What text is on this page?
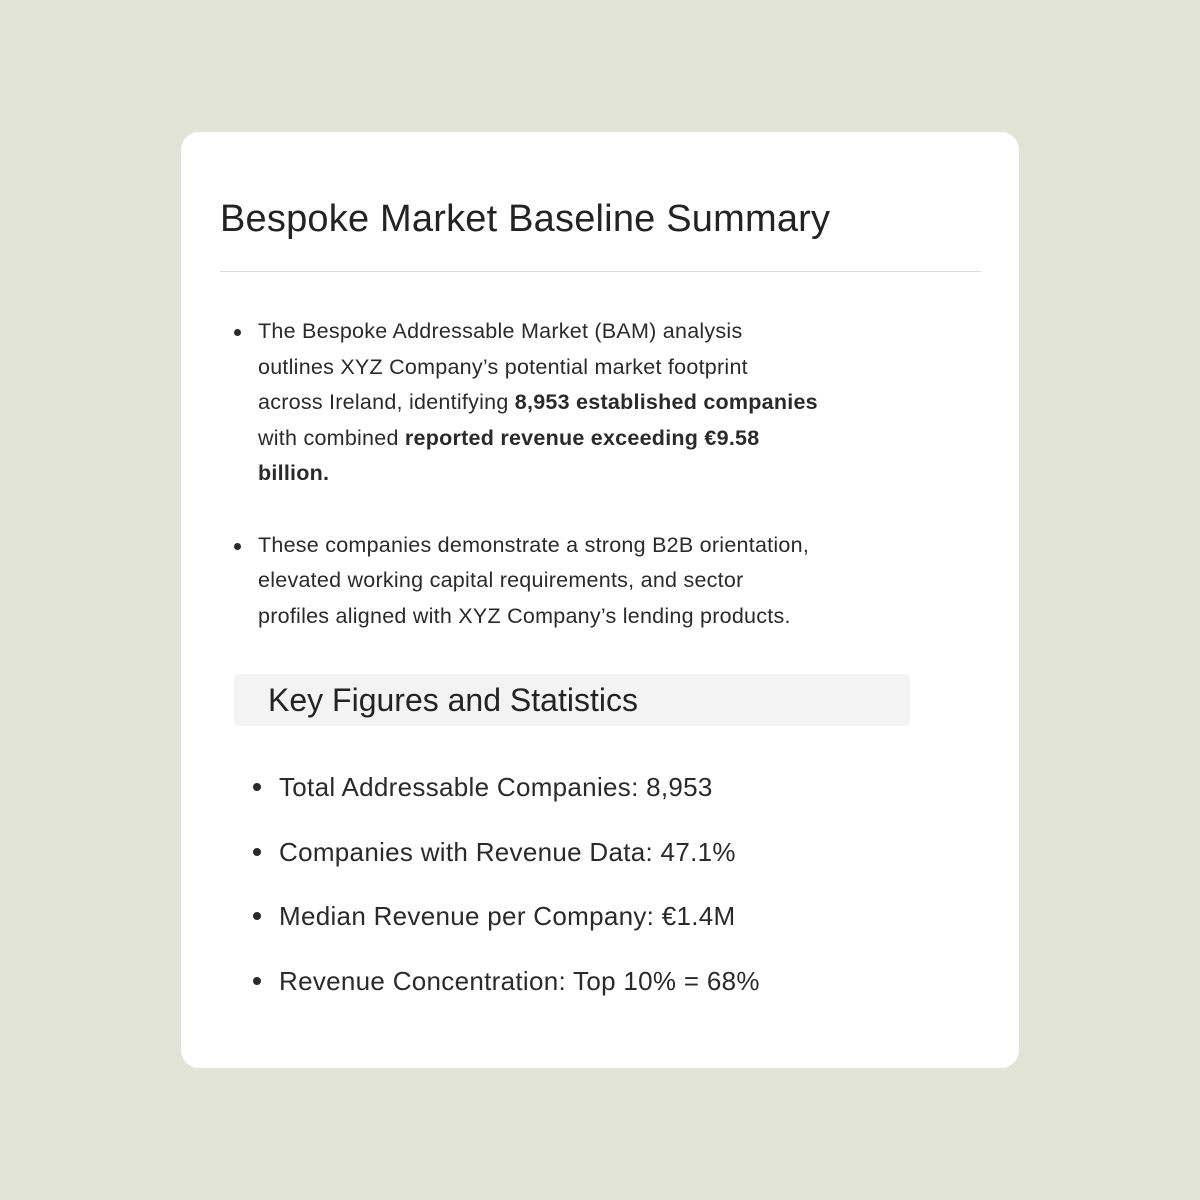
Bespoke Market Baseline Summary
The Bespoke Addressable Market (BAM) analysis outlines XYZ Company’s potential market footprint across Ireland, identifying 8,953 established companies with combined reported revenue exceeding €9.58 billion.
These companies demonstrate a strong B2B orientation, elevated working capital requirements, and sector profiles aligned with XYZ Company’s lending products.
Key Figures and Statistics
Total Addressable Companies: 8,953
Companies with Revenue Data: 47.1%
Median Revenue per Company: €1.4M
Revenue Concentration: Top 10% = 68%
